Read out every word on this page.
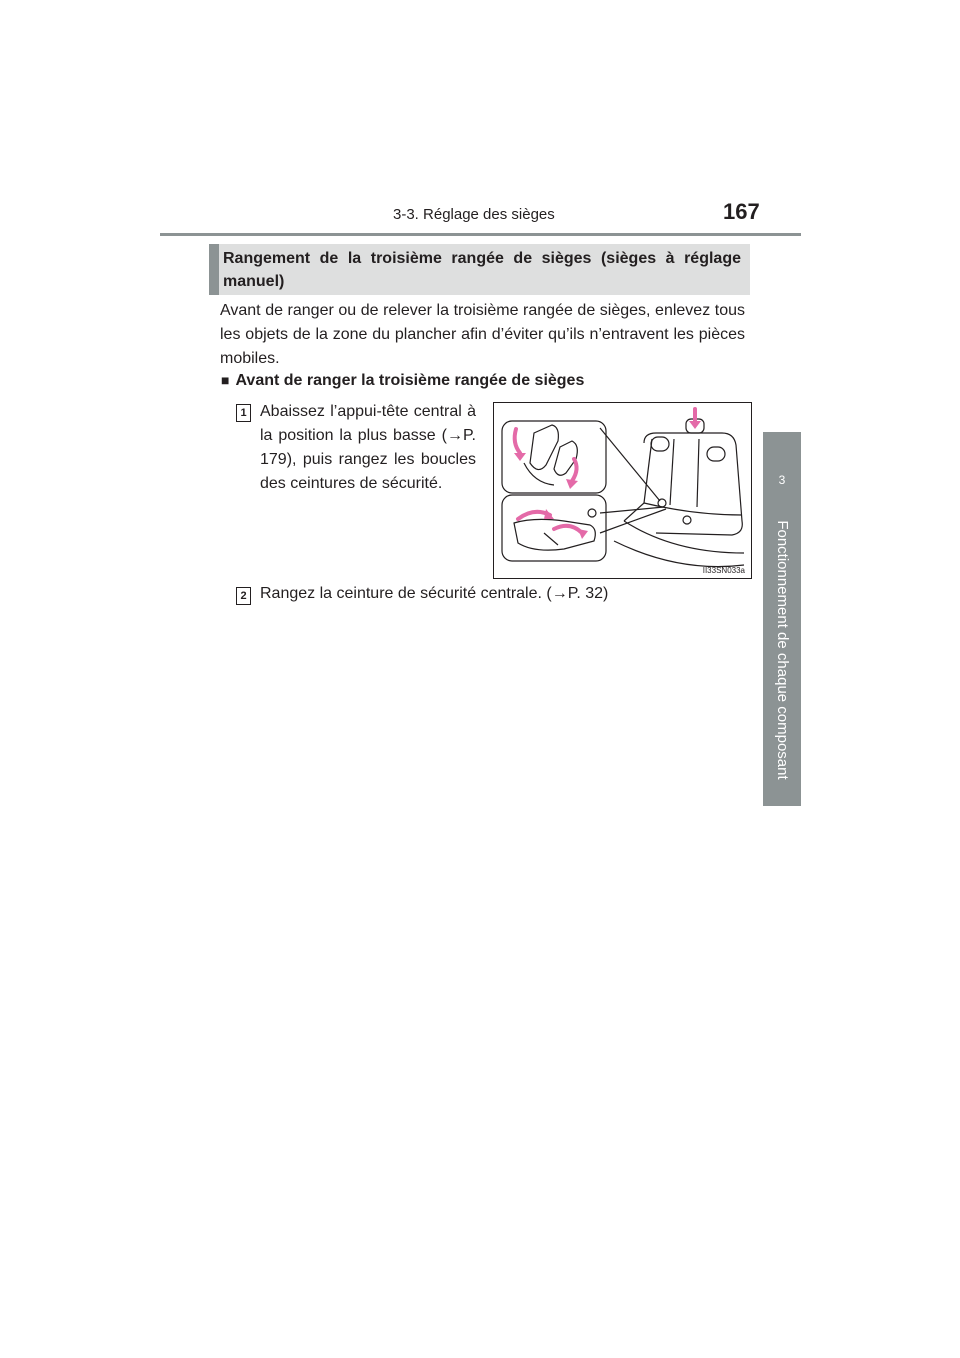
3-3. Réglage des sièges	167
3
Fonctionnement de chaque composant
Rangement de la troisième rangée de sièges (sièges à réglage
manuel)
Avant de ranger ou de relever la troisième rangée de sièges, enlevez tous les objets de la zone du plancher afin d’éviter qu’ils n’entravent les pièces mobiles.
■ Avant de ranger la troisième rangée de sièges
1 Abaissez l’appui-tête central à la position la plus basse (→P. 179), puis rangez les boucles des ceintures de sécurité.
II33SN033a
2 Rangez la ceinture de sécurité centrale. (→P. 32)
